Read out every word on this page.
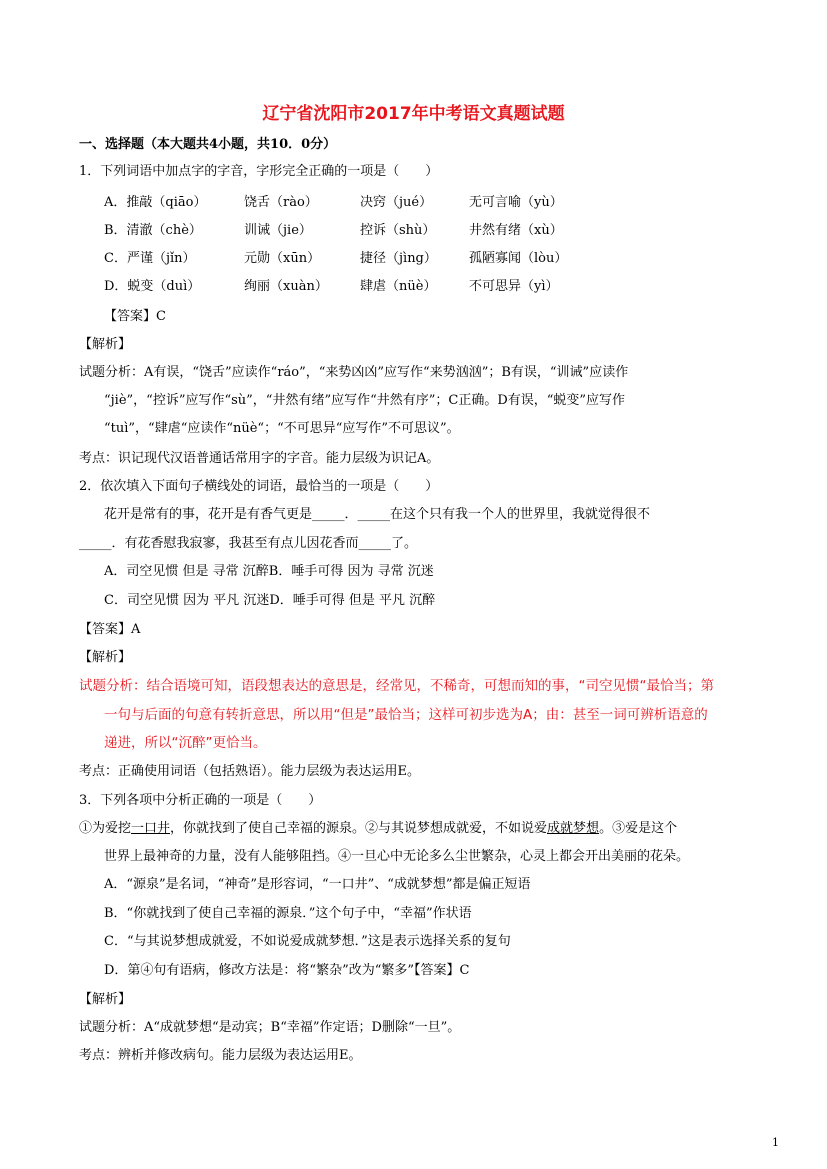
辽宁省沈阳市2017年中考语文真题试题
一、选择题（本大题共4小题，共10．0分）
1．下列词语中加点字的字音，字形完全正确的一项是（　　）
A．推敲（qiāo）	饶舌（rào）	决窍（jué）	无可言喻（yù）
B．清澈（chè）	训诫（jie）	控诉（shù）	井然有绪（xù）
C．严谨（jǐn）	元勋（xūn）	捷径（jìng） 孤陋寡闻（lòu）
D．蜕变（duì）	绚丽（xuàn） 肆虐（nüè）	不可思异（yì）
【答案】C
【解析】
试题分析：A有误，“饶舌”应读作“ráo”，“来势凶凶”应写作“来势汹汹”；B有误，“训诫”应读作
“jiè”，“控诉”应写作“sù”，“井然有绪”应写作“井然有序”；C正确。D有误，“蜕变”应写作
“tuì”，“肆虐“应读作“nüè“；“不可思异“应写作”不可思议”。
考点：识记现代汉语普通话常用字的字音。能力层级为识记A。
2．依次填入下面句子横线处的词语，最恰当的一项是（　　）
花开是常有的事，花开是有香气更是_____．_____在这个只有我一个人的世界里，我就觉得很不
_____．有花香慰我寂寥，我甚至有点儿因花香而_____了。
A．司空见惯 但是 寻常 沉醉B．唾手可得 因为 寻常 沉迷
C．司空见惯 因为 平凡 沉迷D．唾手可得 但是 平凡 沉醉
【答案】A
【解析】
试题分析：结合语境可知，语段想表达的意思是，经常见，不稀奇，可想而知的事，“司空见惯“最恰当；第
一句与后面的句意有转折意思，所以用“但是”最恰当；这样可初步选为A；由：甚至一词可辨析语意的
递进，所以“沉醉”更恰当。
考点：正确使用词语（包括熟语）。能力层级为表达运用E。
3．下列各项中分析正确的一项是（　　）
①为爱挖一口井，你就找到了使自己幸福的源泉。②与其说梦想成就爱，不如说爱成就梦想。③爱是这个
世界上最神奇的力量，没有人能够阻挡。④一旦心中无论多么尘世繁杂，心灵上都会开出美丽的花朵。
A．“源泉”是名词，“神奇”是形容词，“一口井”、“成就梦想”都是偏正短语
B．“你就找到了使自己幸福的源泉．”这个句子中，“幸福”作状语
C．“与其说梦想成就爱，不如说爱成就梦想．”这是表示选择关系的复句
D．第④句有语病，修改方法是：将“繁杂”改为“繁多”【答案】C
【解析】
试题分析：A“成就梦想“是动宾；B“幸福”作定语；D删除“一旦”。
考点：辨析并修改病句。能力层级为表达运用E。
1
